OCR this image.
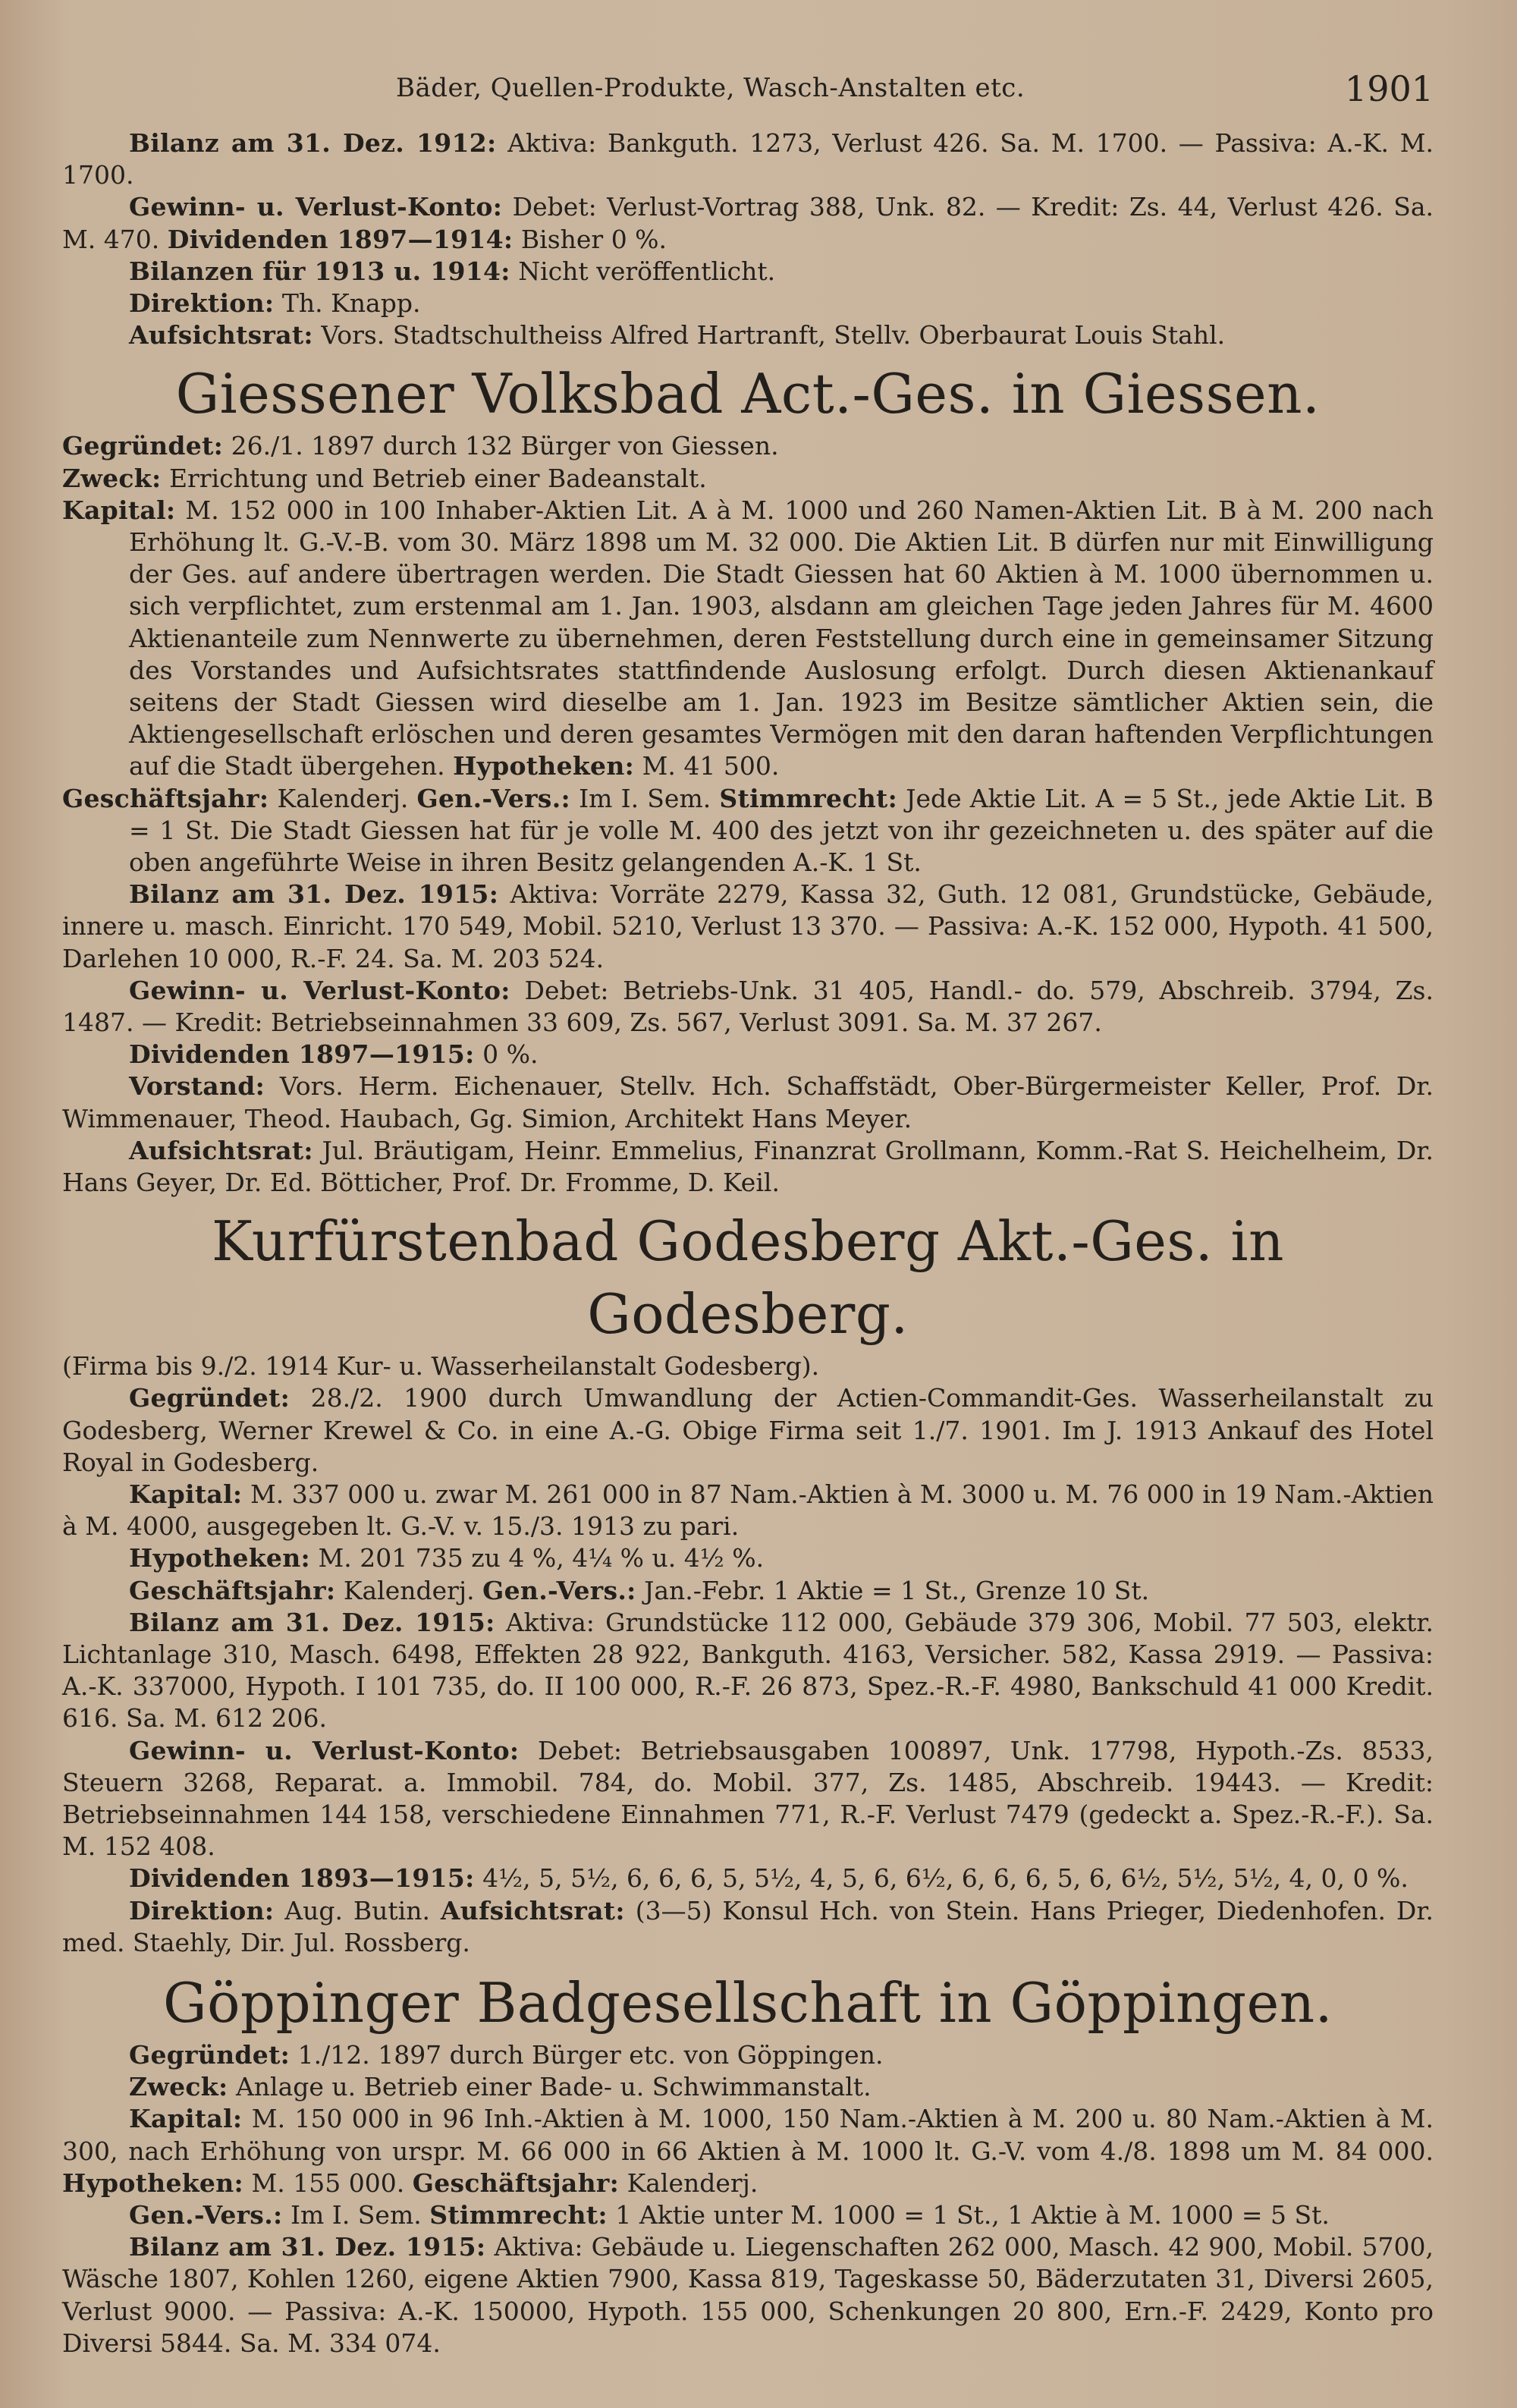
Bäder, Quellen-Produkte, Wasch-Anstalten etc.	1901

Bilanz am 31. Dez. 1912: Aktiva: Bankguth. 1273, Verlust 426. Sa. M. 1700. — Passiva: A.-K. M. 1700.

Gewinn- u. Verlust-Konto: Debet: Verlust-Vortrag 388, Unk. 82. — Kredit: Zs. 44, Verlust 426. Sa. M. 470. Dividenden 1897—1914: Bisher 0 %.

Bilanzen für 1913 u. 1914: Nicht veröffentlicht.

Direktion: Th. Knapp.

Aufsichtsrat: Vors. Stadtschultheiss Alfred Hartranft, Stellv. Oberbaurat Louis Stahl.

Giessener Volksbad Act.-Ges. in Giessen.

Gegründet: 26./1. 1897 durch 132 Bürger von Giessen.

Zweck: Errichtung und Betrieb einer Badeanstalt.

Kapital: M. 152 000 in 100 Inhaber-Aktien Lit. A à M. 1000 und 260 Namen-Aktien Lit. B à M. 200 nach Erhöhung lt. G.-V.-B. vom 30. März 1898 um M. 32 000. Die Aktien Lit. B dürfen nur mit Einwilligung der Ges. auf andere übertragen werden. Die Stadt Giessen hat 60 Aktien à M. 1000 übernommen u. sich verpflichtet, zum erstenmal am 1. Jan. 1903, alsdann am gleichen Tage jeden Jahres für M. 4600 Aktienanteile zum Nennwerte zu übernehmen, deren Feststellung durch eine in gemeinsamer Sitzung des Vorstandes und Aufsichtsrates stattfindende Auslosung erfolgt. Durch diesen Aktienankauf seitens der Stadt Giessen wird dieselbe am 1. Jan. 1923 im Besitze sämtlicher Aktien sein, die Aktiengesellschaft erlöschen und deren gesamtes Vermögen mit den daran haftenden Verpflichtungen auf die Stadt übergehen. Hypotheken: M. 41 500.

Geschäftsjahr: Kalenderj. Gen.-Vers.: Im I. Sem. Stimmrecht: Jede Aktie Lit. A = 5 St., jede Aktie Lit. B = 1 St. Die Stadt Giessen hat für je volle M. 400 des jetzt von ihr gezeichneten u. des später auf die oben angeführte Weise in ihren Besitz gelangenden A.-K. 1 St.

Bilanz am 31. Dez. 1915: Aktiva: Vorräte 2279, Kassa 32, Guth. 12 081, Grundstücke, Gebäude, innere u. masch. Einricht. 170 549, Mobil. 5210, Verlust 13 370. — Passiva: A.-K. 152 000, Hypoth. 41 500, Darlehen 10 000, R.-F. 24. Sa. M. 203 524.

Gewinn- u. Verlust-Konto: Debet: Betriebs-Unk. 31 405, Handl.- do. 579, Abschreib. 3794, Zs. 1487. — Kredit: Betriebseinnahmen 33 609, Zs. 567, Verlust 3091. Sa. M. 37 267.

Dividenden 1897—1915: 0 %.

Vorstand: Vors. Herm. Eichenauer, Stellv. Hch. Schaffstädt, Ober-Bürgermeister Keller, Prof. Dr. Wimmenauer, Theod. Haubach, Gg. Simion, Architekt Hans Meyer.

Aufsichtsrat: Jul. Bräutigam, Heinr. Emmelius, Finanzrat Grollmann, Komm.-Rat S. Heichelheim, Dr. Hans Geyer, Dr. Ed. Bötticher, Prof. Dr. Fromme, D. Keil.

Kurfürstenbad Godesberg Akt.-Ges. in Godesberg.

(Firma bis 9./2. 1914 Kur- u. Wasserheilanstalt Godesberg).

Gegründet: 28./2. 1900 durch Umwandlung der Actien-Commandit-Ges. Wasserheilanstalt zu Godesberg, Werner Krewel & Co. in eine A.-G. Obige Firma seit 1./7. 1901. Im J. 1913 Ankauf des Hotel Royal in Godesberg.

Kapital: M. 337 000 u. zwar M. 261 000 in 87 Nam.-Aktien à M. 3000 u. M. 76 000 in 19 Nam.-Aktien à M. 4000, ausgegeben lt. G.-V. v. 15./3. 1913 zu pari.

Hypotheken: M. 201 735 zu 4 %, 4¼ % u. 4½ %.

Geschäftsjahr: Kalenderj. Gen.-Vers.: Jan.-Febr. 1 Aktie = 1 St., Grenze 10 St.

Bilanz am 31. Dez. 1915: Aktiva: Grundstücke 112 000, Gebäude 379 306, Mobil. 77 503, elektr. Lichtanlage 310, Masch. 6498, Effekten 28 922, Bankguth. 4163, Versicher. 582, Kassa 2919. — Passiva: A.-K. 337000, Hypoth. I 101 735, do. II 100 000, R.-F. 26 873, Spez.-R.-F. 4980, Bankschuld 41 000 Kredit. 616. Sa. M. 612 206.

Gewinn- u. Verlust-Konto: Debet: Betriebsausgaben 100897, Unk. 17798, Hypoth.-Zs. 8533, Steuern 3268, Reparat. a. Immobil. 784, do. Mobil. 377, Zs. 1485, Abschreib. 19443. — Kredit: Betriebseinnahmen 144 158, verschiedene Einnahmen 771, R.-F. Verlust 7479 (gedeckt a. Spez.-R.-F.). Sa. M. 152 408.

Dividenden 1893—1915: 4½, 5, 5½, 6, 6, 6, 5, 5½, 4, 5, 6, 6½, 6, 6, 6, 5, 6, 6½, 5½, 5½, 4, 0, 0 %.

Direktion: Aug. Butin. Aufsichtsrat: (3—5) Konsul Hch. von Stein. Hans Prieger, Diedenhofen. Dr. med. Staehly, Dir. Jul. Rossberg.

Göppinger Badgesellschaft in Göppingen.

Gegründet: 1./12. 1897 durch Bürger etc. von Göppingen.

Zweck: Anlage u. Betrieb einer Bade- u. Schwimmanstalt.

Kapital: M. 150 000 in 96 Inh.-Aktien à M. 1000, 150 Nam.-Aktien à M. 200 u. 80 Nam.-Aktien à M. 300, nach Erhöhung von urspr. M. 66 000 in 66 Aktien à M. 1000 lt. G.-V. vom 4./8. 1898 um M. 84 000. Hypotheken: M. 155 000. Geschäftsjahr: Kalenderj.

Gen.-Vers.: Im I. Sem. Stimmrecht: 1 Aktie unter M. 1000 = 1 St., 1 Aktie à M. 1000 = 5 St.

Bilanz am 31. Dez. 1915: Aktiva: Gebäude u. Liegenschaften 262 000, Masch. 42 900, Mobil. 5700, Wäsche 1807, Kohlen 1260, eigene Aktien 7900, Kassa 819, Tageskasse 50, Bäderzutaten 31, Diversi 2605, Verlust 9000. — Passiva: A.-K. 150000, Hypoth. 155 000, Schenkungen 20 800, Ern.-F. 2429, Konto pro Diversi 5844. Sa. M. 334 074.
